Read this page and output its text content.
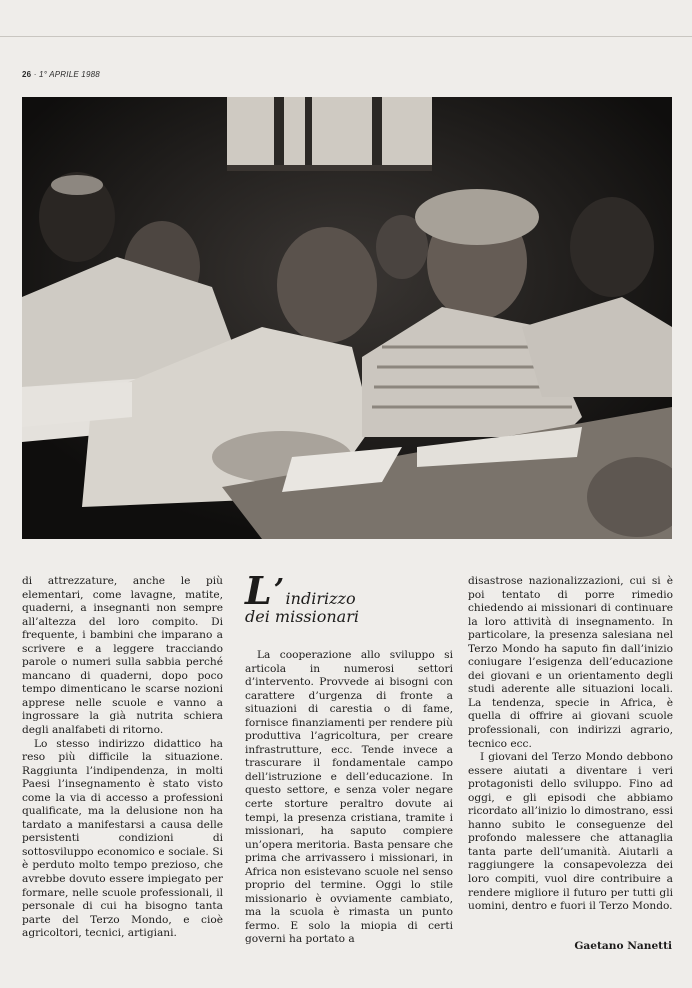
26 · 1° APRILE 1988

di attrezzature, anche le più elementari, come lavagne, matite, quaderni, a insegnanti non sempre all’altezza del loro compito. Di frequente, i bambini che imparano a scrivere e a leggere tracciando parole o numeri sulla sabbia perché mancano di quaderni, dopo poco tempo dimenticano le scarse nozioni apprese nelle scuole e vanno a ingrossare la già nutrita schiera degli analfabeti di ritorno.

Lo stesso indirizzo didattico ha reso più difficile la situazione. Raggiunta l’indipendenza, in molti Paesi l’insegnamento è stato visto come la via di accesso a professioni qualificate, ma la delusione non ha tardato a manifestarsi a causa delle persistenti condizioni di sottosviluppo economico e sociale. Si è perduto molto tempo prezioso, che avrebbe dovuto essere impiegato per formare, nelle scuole professionali, il personale di cui ha bisogno tanta parte del Terzo Mondo, e cioè agricoltori, tecnici, artigiani.

L’ indirizzo
dei missionari

La cooperazione allo sviluppo si articola in numerosi settori d’intervento. Provvede ai bisogni con carattere d’urgenza di fronte a situazioni di carestia o di fame, fornisce finanziamenti per rendere più produttiva l’agricoltura, per creare infrastrutture, ecc. Tende invece a trascurare il fondamentale campo dell’istruzione e dell’educazione. In questo settore, e senza voler negare certe storture peraltro dovute ai tempi, la presenza cristiana, tramite i missionari, ha saputo compiere un’opera meritoria. Basta pensare che prima che arrivassero i missionari, in Africa non esistevano scuole nel senso proprio del termine. Oggi lo stile missionario è ovviamente cambiato, ma la scuola è rimasta un punto fermo. E solo la miopia di certi governi ha portato a

disastrose nazionalizzazioni, cui si è poi tentato di porre rimedio chiedendo ai missionari di continuare la loro attività di insegnamento. In particolare, la presenza salesiana nel Terzo Mondo ha saputo fin dall’inizio coniugare l’esigenza dell’educazione dei giovani e un orientamento degli studi aderente alle situazioni locali. La tendenza, specie in Africa, è quella di offrire ai giovani scuole professionali, con indirizzi agrario, tecnico ecc.

I giovani del Terzo Mondo debbono essere aiutati a diventare i veri protagonisti dello sviluppo. Fino ad oggi, e gli episodi che abbiamo ricordato all’inizio lo dimostrano, essi hanno subito le conseguenze del profondo malessere che attanaglia tanta parte dell’umanità. Aiutarli a raggiungere la consapevolezza dei loro compiti, vuol dire contribuire a rendere migliore il futuro per tutti gli uomini, dentro e fuori il Terzo Mondo.

Gaetano Nanetti
